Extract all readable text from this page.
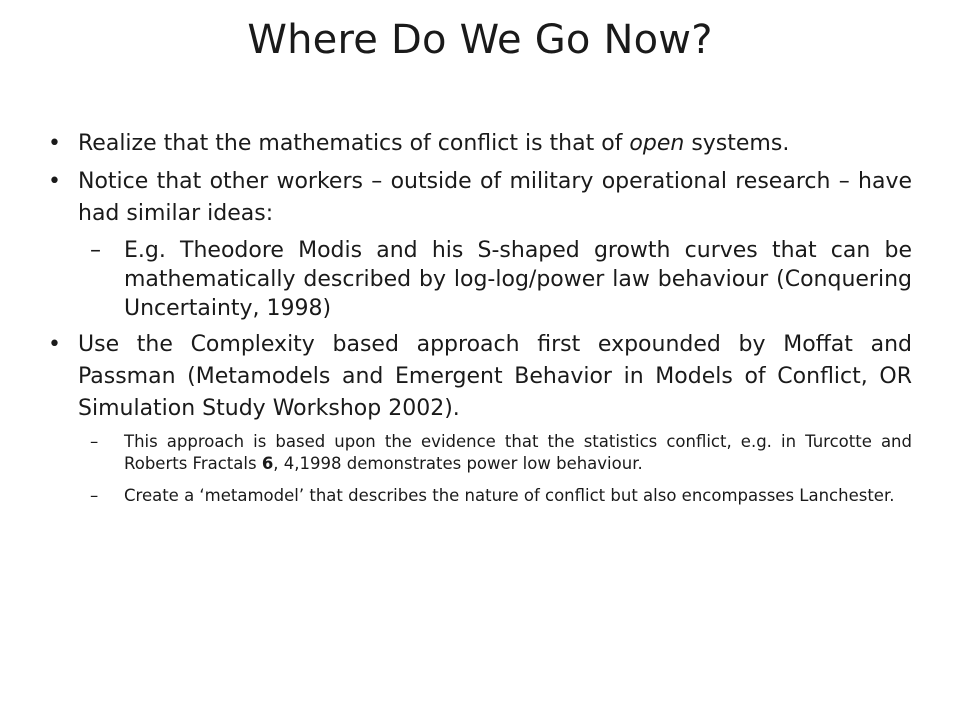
Where Do We Go Now?
• Realize that the mathematics of conflict is that of open systems.
• Notice that other workers – outside of military operational research – have had similar ideas:
–	E.g. Theodore Modis and his S-shaped growth curves that can be mathematically described by log-log/power law behaviour (Conquering Uncertainty, 1998)
• Use the Complexity based approach first expounded by Moffat and Passman (Metamodels and Emergent Behavior in Models of Conflict, OR Simulation Study Workshop 2002).
–	This approach is based upon the evidence that the statistics conflict, e.g. in Turcotte and Roberts Fractals 6, 4,1998 demonstrates power low behaviour.
–	Create a ‘metamodel’ that describes the nature of conflict but also encompasses Lanchester.
